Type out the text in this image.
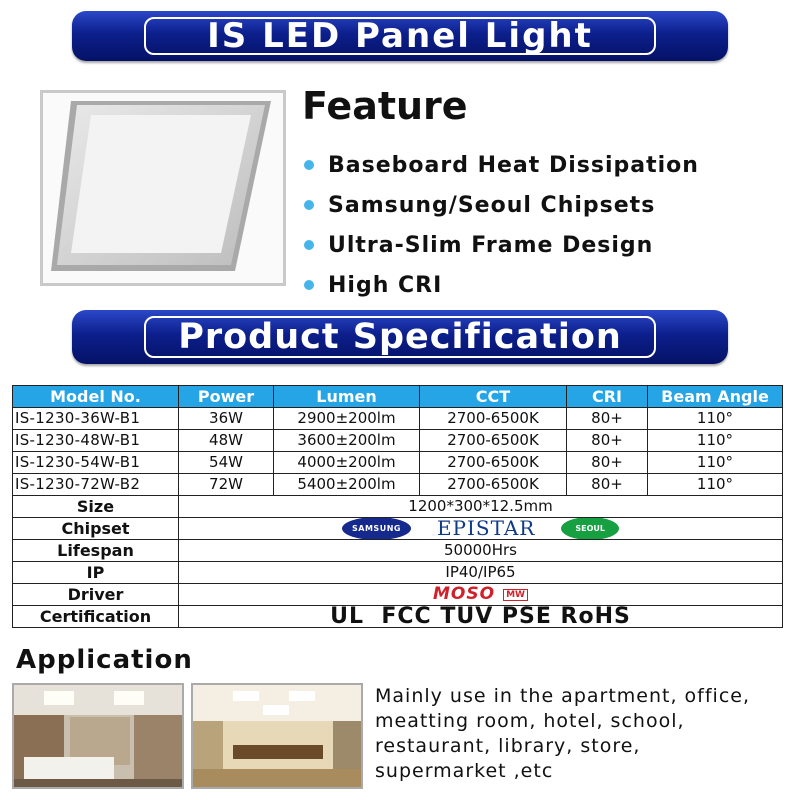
IS LED Panel Light
Feature
Baseboard Heat Dissipation
Samsung/Seoul Chipsets
Ultra-Slim Frame Design
High CRI
Product Specification
Model No.	Power	Lumen	CCT	CRI	Beam Angle
IS-1230-36W-B1	36W	2900±200lm	2700-6500K	80+	110°
IS-1230-48W-B1	48W	3600±200lm	2700-6500K	80+	110°
IS-1230-54W-B1	54W	4000±200lm	2700-6500K	80+	110°
IS-1230-72W-B2	72W	5400±200lm	2700-6500K	80+	110°
Size	1200*300*12.5mm				
Chipset	SAMSUNG EPISTAR SEOUL				

Lifespan	50000Hrs				
IP	IP40/IP65				
Driver	MOSO MW				

Certification	UL  FCC TUV PSE RoHS				
Application
Mainly use in the apartment, office,
meatting room, hotel, school,
restaurant, library, store,
supermarket ,etc
